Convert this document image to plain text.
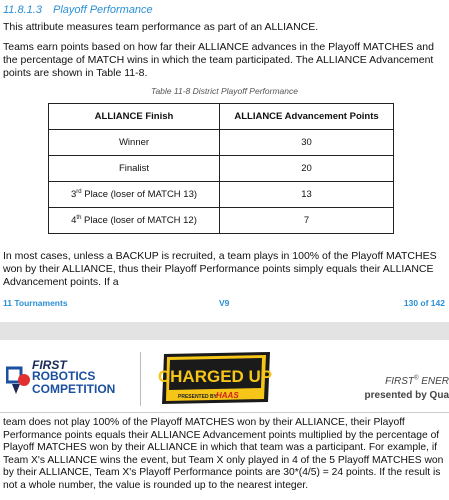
11.8.1.3 Playoff Performance

This attribute measures team performance as part of an ALLIANCE.

Teams earn points based on how far their ALLIANCE advances in the Playoff MATCHES and the percentage of MATCH wins in which the team participated. The ALLIANCE Advancement points are shown in Table 11-8.

Table 11-8 District Playoff Performance
ALLIANCE Finish	ALLIANCE Advancement Points
Winner	30
Finalist	20
3rd Place (loser of MATCH 13)	13
4th Place (loser of MATCH 12)	7

In most cases, unless a BACKUP is recruited, a team plays in 100% of the Playoff MATCHES won by their ALLIANCE, thus their Playoff Performance points simply equals their ALLIANCE Advancement points. If a

11 Tournaments	V9	130 of 142
FIRST
ROBOTICS
COMPETITION
CHARGED UP
PRESENTED BY HAAS
FIRST® ENER
presented by Qua

team does not play 100% of the Playoff MATCHES won by their ALLIANCE, their Playoff Performance points equals their ALLIANCE Advancement points multiplied by the percentage of Playoff MATCHES won by their ALLIANCE in which that team was a participant. For example, if Team X's ALLIANCE wins the event, but Team X only played in 4 of the 5 Playoff MATCHES won by their ALLIANCE, Team X's Playoff Performance points are 30*(4/5) = 24 points. If the result is not a whole number, the value is rounded up to the nearest integer.
